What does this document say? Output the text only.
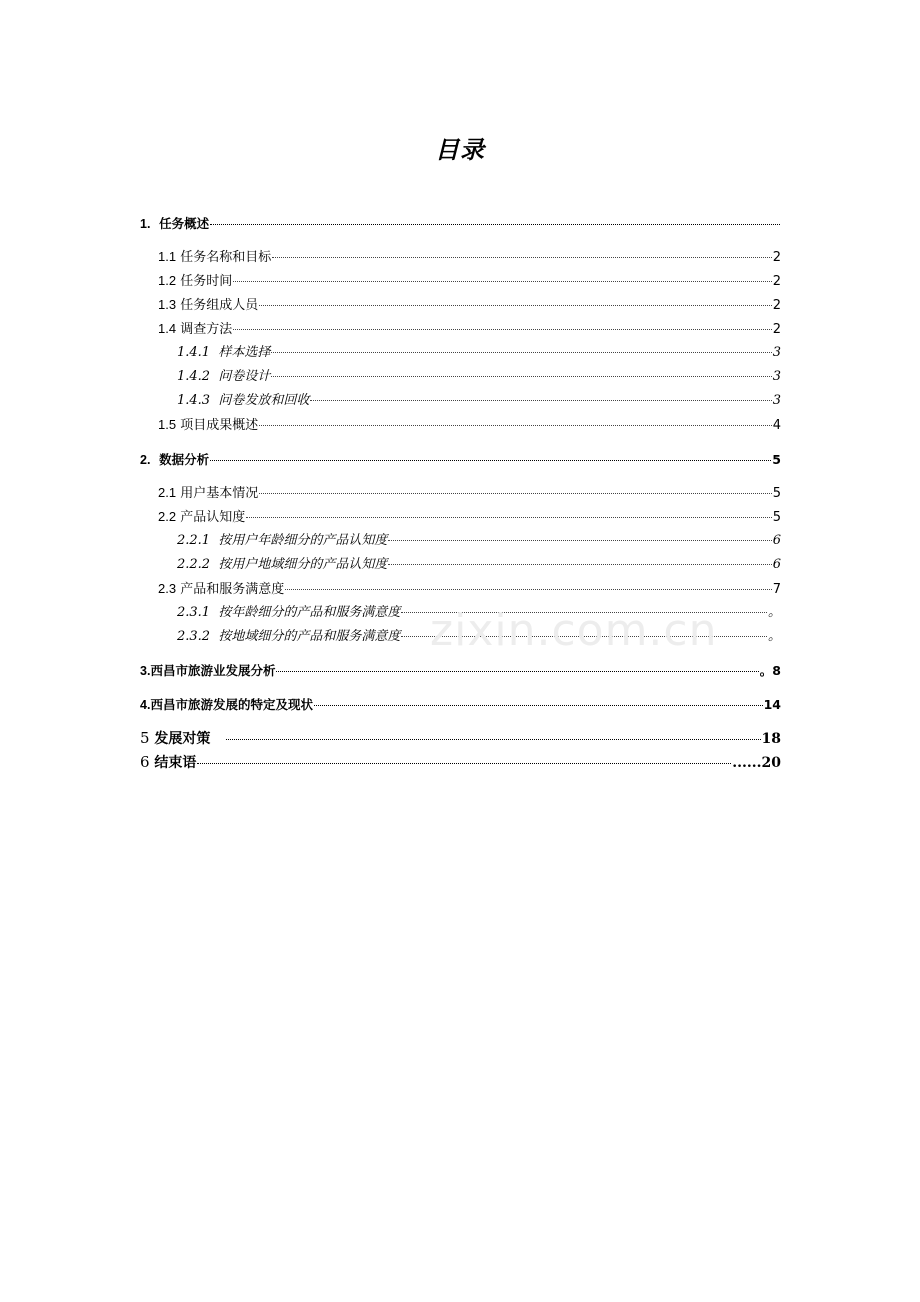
目录
1. 任务概述
1.1 任务名称和目标	2
1.2 任务时间	2
1.3 任务组成人员	2
1.4 调查方法	2
1.4.1 样本选择	3
1.4.2 问卷设计	3
1.4.3 问卷发放和回收	3
1.5 项目成果概述	4
2. 数据分析	5
2.1 用户基本情况	5
2.2 产品认知度	5
2.2.1 按用户年龄细分的产品认知度	6
2.2.2 按用户地域细分的产品认知度	6
2.3 产品和服务满意度	7
2.3.1 按年龄细分的产品和服务满意度	。
2.3.2 按地域细分的产品和服务满意度	。
3.西昌市旅游业发展分析	。8
4.西昌市旅游发展的特定及现状	14
5 发展对策	18
6 结束语	......20
zixin.com.cn
